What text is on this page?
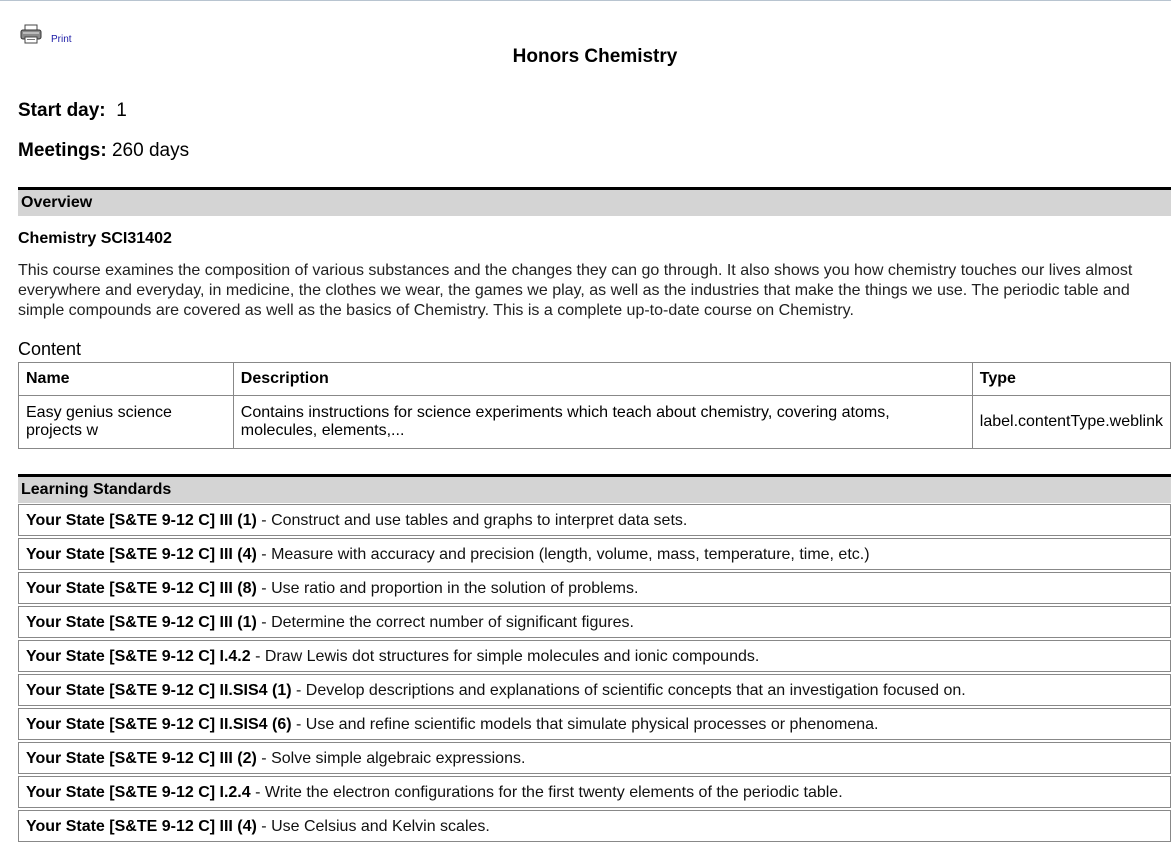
Print
Honors Chemistry
Start day: 1
Meetings: 260 days
Overview
Chemistry SCI31402
This course examines the composition of various substances and the changes they can go through. It also shows you how chemistry touches our lives almost everywhere and everyday, in medicine, the clothes we wear, the games we play, as well as the industries that make the things we use. The periodic table and simple compounds are covered as well as the basics of Chemistry. This is a complete up-to-date course on Chemistry.
Content
Name	Description	Type
Easy genius science projects w	Contains instructions for science experiments which teach about chemistry, covering atoms, molecules, elements,...	label.contentType.weblink
Learning Standards
Your State [S&TE 9-12 C] III (1) - Construct and use tables and graphs to interpret data sets.
Your State [S&TE 9-12 C] III (4) - Measure with accuracy and precision (length, volume, mass, temperature, time, etc.)
Your State [S&TE 9-12 C] III (8) - Use ratio and proportion in the solution of problems.
Your State [S&TE 9-12 C] III (1) - Determine the correct number of significant figures.
Your State [S&TE 9-12 C] I.4.2 - Draw Lewis dot structures for simple molecules and ionic compounds.
Your State [S&TE 9-12 C] II.SIS4 (1) - Develop descriptions and explanations of scientific concepts that an investigation focused on.
Your State [S&TE 9-12 C] II.SIS4 (6) - Use and refine scientific models that simulate physical processes or phenomena.
Your State [S&TE 9-12 C] III (2) - Solve simple algebraic expressions.
Your State [S&TE 9-12 C] I.2.4 - Write the electron configurations for the first twenty elements of the periodic table.
Your State [S&TE 9-12 C] III (4) - Use Celsius and Kelvin scales.
